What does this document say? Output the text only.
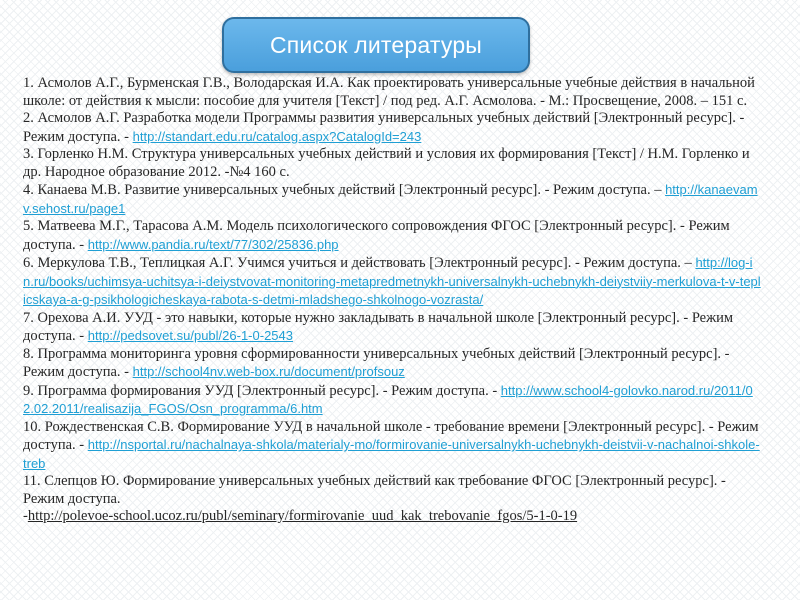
Список литературы

1. Асмолов А.Г., Бурменская Г.В., Володарская И.А. Как проектировать универсальные учебные действия в начальной школе: от действия к мысли: пособие для учителя [Текст] / под ред. А.Г. Асмолова. - М.: Просвещение, 2008. – 151 с.

2. Асмолов А.Г. Разработка модели Программы развития универсальных учебных действий [Электронный ресурс]. - Режим доступа. - http://standart.edu.ru/catalog.aspx?CatalogId=243

3. Горленко Н.М. Структура универсальных учебных действий и условия их формирования [Текст] / Н.М. Горленко и др. Народное образование 2012. -№4 160 с.

4. Канаева М.В. Развитие универсальных учебных действий [Электронный ресурс]. - Режим доступа. – http://kanaevamv.sehost.ru/page1

5. Матвеева М.Г., Тарасова А.М. Модель психологического сопровождения ФГОС [Электронный ресурс]. - Режим доступа. - http://www.pandia.ru/text/77/302/25836.php

6. Меркулова Т.В., Теплицкая А.Г. Учимся учиться и действовать [Электронный ресурс]. - Режим доступа. – http://log-in.ru/books/uchimsya-uchitsya-i-deiystvovat-monitoring-metapredmetnykh-universalnykh-uchebnykh-deiystviiy-merkulova-t-v-teplicskaya-a-g-psikhologicheskaya-rabota-s-detmi-mladshego-shkolnogo-vozrasta/

7. Орехова А.И. УУД - это навыки, которые нужно закладывать в начальной школе [Электронный ресурс]. - Режим доступа. - http://pedsovet.su/publ/26-1-0-2543

8. Программа мониторинга уровня сформированности универсальных учебных действий [Электронный ресурс]. - Режим доступа. - http://school4nv.web-box.ru/document/profsouz

9. Программа формирования УУД [Электронный ресурс]. - Режим доступа. - http://www.school4-golovko.narod.ru/2011/02.02.2011/realisazija_FGOS/Osn_programma/6.htm

10. Рождественская С.В. Формирование УУД в начальной школе - требование времени [Электронный ресурс]. - Режим доступа. - http://nsportal.ru/nachalnaya-shkola/materialy-mo/formirovanie-universalnykh-uchebnykh-deistvii-v-nachalnoi-shkole-treb

11. Слепцов Ю. Формирование универсальных учебных действий как требование ФГОС [Электронный ресурс]. - Режим доступа.

-http://polevoe-school.ucoz.ru/publ/seminary/formirovanie_uud_kak_trebovanie_fgos/5-1-0-19
